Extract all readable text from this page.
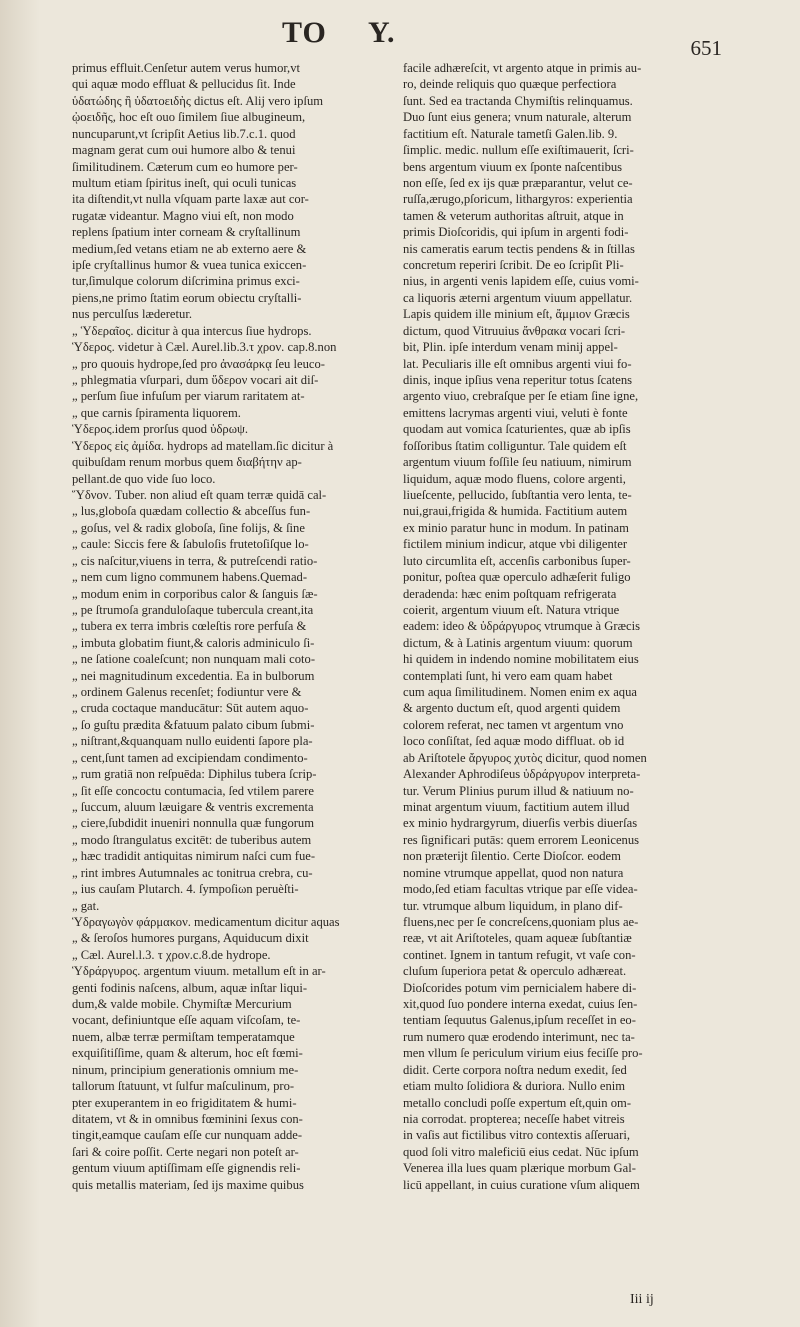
ΤΟ Υ.	651
primus effluit.Cenſetur autem verus humor,vt
qui aquæ modo effluat & pellucidus ſit. Inde
ὑδατώδης ἢ ὑδατοειδὴς dictus eſt. Alij vero ipſum
ᾠοειδῆς, hoc eſt ouo ſimilem ſiue albugineum,
nuncuparunt,vt ſcripſit Aetius lib.7.c.1. quod
magnam gerat cum oui humore albo & tenui
ſimilitudinem. Cæterum cum eo humore per-
multum etiam ſpiritus ineſt, qui oculi tunicas
ita diſtendit,vt nulla vſquam parte laxæ aut cor-
rugatæ videantur. Magno viui eſt, non modo
replens ſpatium inter corneam & cryſtallinum
medium,ſed vetans etiam ne ab externo aere &
ipſe cryſtallinus humor & vuea tunica exiccen-
tur,ſimulque colorum diſcrimina primus exci-
piens,ne primo ſtatim eorum obiectu cryſtalli-
nus perculſus læderetur.
„ Ὑδεραῖος. dicitur à qua intercus ſiue hydrops.
Ὑδερος. videtur à Cæl. Aurel.lib.3.τ χρον. cap.8.non
„ pro quouis hydrope,ſed pro ἀνασάρκᾳ ſeu leuco-
„ phlegmatia vſurpari, dum ὕδερον vocari ait diſ-
„ perſum ſiue infuſum per viarum raritatem at-
„ que carnis ſpiramenta liquorem.
Ὑδερος.idem prorſus quod ὑδρωψ.
Ὑδερος εἰς ἀμίδα. hydrops ad matellam.ſic dicitur à
quibuſdam renum morbus quem διαβήτην ap-
pellant.de quo vide ſuo loco.
Ὕδνον. Tuber. non aliud eſt quam terræ quidā cal-
„ lus,globoſa quædam collectio & abceſſus fun-
„ goſus, vel & radix globoſa, ſine folijs, & ſine
„ caule: Siccis fere & ſabuloſis frutetoſiſque lo-
„ cis naſcitur,viuens in terra, & putreſcendi ratio-
„ nem cum ligno communem habens.Quemad-
„ modum enim in corporibus calor & ſanguis ſæ-
„ pe ſtrumoſa granduloſaque tubercula creant,ita
„ tubera ex terra imbris cœleſtis rore perfuſa &
„ imbuta globatim fiunt,& caloris adminiculo ſi-
„ ne ſatione coaleſcunt; non nunquam mali coto-
„ nei magnitudinum excedentia. Ea in bulborum
„ ordinem Galenus recenſet; fodiuntur vere &
„ cruda coctaque manducātur: Sūt autem aquo-
„ ſo guſtu prædita &fatuum palato cibum ſubmi-
„ niſtrant,&quanquam nullo euidenti ſapore pla-
„ cent,ſunt tamen ad excipiendam condimento-
„ rum gratiā non reſpuēda: Diphilus tubera ſcrip-
„ ſit eſſe concoctu contumacia, ſed vtilem parere
„ ſuccum, aluum læuigare & ventris excrementa
„ ciere,ſubdidit inueniri nonnulla quæ fungorum
„ modo ſtrangulatus excitēt: de tuberibus autem
„ hæc tradidit antiquitas nimirum naſci cum fue-
„ rint imbres Autumnales ac tonitrua crebra, cu-
„ ius cauſam Plutarch. 4. ſympoſiωn peruèſti-
„ gat.
Ὑδραγωγὸν φάρμακον. medicamentum dicitur aquas
„ & ſeroſos humores purgans, Aquiducum dixit
„ Cæl. Aurel.l.3. τ χρον.c.8.de hydrope.
Ὑδράργυρος. argentum viuum. metallum eſt in ar-
genti fodinis naſcens, album, aquæ inſtar liqui-
dum,& valde mobile. Chymiſtæ Mercurium
vocant, definiuntque eſſe aquam viſcoſam, te-
nuem, albæ terræ permiſtam temperatamque
exquiſitiſſime, quam & alterum, hoc eſt fœmi-
ninum, principium generationis omnium me-
tallorum ſtatuunt, vt ſulfur maſculinum, pro-
pter exuperantem in eo frigiditatem & humi-
ditatem, vt & in omnibus fœminini ſexus con-
tingit,eamque cauſam eſſe cur nunquam adde-
ſari & coire poſſit. Certe negari non poteſt ar-
gentum viuum aptiſſimam eſſe gignendis reli-
quis metallis materiam, ſed ijs maxime quibus
facile adhæreſcit, vt argento atque in primis au-
ro, deinde reliquis quo quæque perfectiora
ſunt. Sed ea tractanda Chymiſtis relinquamus.
Duo ſunt eius genera; vnum naturale, alterum
factitium eſt. Naturale tametſi Galen.lib. 9.
ſimplic. medic. nullum eſſe exiſtimauerit, ſcri-
bens argentum viuum ex ſponte naſcentibus
non eſſe, ſed ex ijs quæ præparantur, velut ce-
ruſſa,ærugo,pſoricum, lithargyros: experientia
tamen & veterum authoritas aſtruit, atque in
primis Dioſcoridis, qui ipſum in argenti fodi-
nis cameratis earum tectis pendens & in ſtillas
concretum reperiri ſcribit. De eo ſcripſit Pli-
nius, in argenti venis lapidem eſſe, cuius vomi-
ca liquoris æterni argentum viuum appellatur.
Lapis quidem ille minium eſt, ἄμμιον Græcis
dictum, quod Vitruuius ἄνθρακα vocari ſcri-
bit, Plin. ipſe interdum venam minij appel-
lat. Peculiaris ille eſt omnibus argenti viui fo-
dinis, inque ipſius vena reperitur totus ſcatens
argento viuo, crebraſque per ſe etiam ſine igne,
emittens lacrymas argenti viui, veluti è fonte
quodam aut vomica ſcaturientes, quæ ab ipſis
foſſoribus ſtatim colliguntur. Tale quidem eſt
argentum viuum foſſile ſeu natiuum, nimirum
liquidum, aquæ modo fluens, colore argenti,
liueſcente, pellucido, ſubſtantia vero lenta, te-
nui,graui,frigida & humida. Factitium autem
ex minio paratur hunc in modum. In patinam
fictilem minium indicur, atque vbi diligenter
luto circumlita eſt, accenſis carbonibus ſuper-
ponitur, poſtea quæ operculo adhæſerit fuligo
deradenda: hæc enim poſtquam refrigerata
coierit, argentum viuum eſt. Natura vtrique
eadem: ideo & ὑδράργυρος vtrumque à Græcis
dictum, & à Latinis argentum viuum: quorum
hi quidem in indendo nomine mobilitatem eius
contemplati ſunt, hi vero eam quam habet
cum aqua ſimilitudinem. Nomen enim ex aqua
& argento ductum eſt, quod argenti quidem
colorem referat, nec tamen vt argentum vno
loco conſiſtat, ſed aquæ modo diffluat. ob id
ab Ariſtotele ἄργυρος χυτὸς dicitur, quod nomen
Alexander Aphrodiſeus ὑδράργυρον interpreta-
tur. Verum Plinius purum illud & natiuum no-
minat argentum viuum, factitium autem illud
ex minio hydrargyrum, diuerſis verbis diuerſas
res ſignificari putās: quem errorem Leonicenus
non præterijt ſilentio. Certe Dioſcor. eodem
nomine vtrumque appellat, quod non natura
modo,ſed etiam facultas vtrique par eſſe videa-
tur. vtrumque album liquidum, in plano dif-
fluens,nec per ſe concreſcens,quoniam plus ae-
reæ, vt ait Ariſtoteles, quam aqueæ ſubſtantiæ
continet. Ignem in tantum refugit, vt vaſe con-
cluſum ſuperiora petat & operculo adhæreat.
Dioſcorides potum vim pernicialem habere di-
xit,quod ſuo pondere interna exedat, cuius ſen-
tentiam ſequutus Galenus,ipſum receſſet in eo-
rum numero quæ erodendo interimunt, nec ta-
men vllum ſe periculum virium eius feciſſe pro-
didit. Certe corpora noſtra nedum exedit, ſed
etiam multo ſolidiora & duriora. Nullo enim
metallo concludi poſſe expertum eſt,quin om-
nia corrodat. propterea; neceſſe habet vitreis
in vaſis aut fictilibus vitro contextis aſſeruari,
quod ſoli vitro maleficiū eius cedat. Nūc ipſum
Venerea illa lues quam plærique morbum Gal-
licū appellant, in cuius curatione vſum aliquem
Iii ij
